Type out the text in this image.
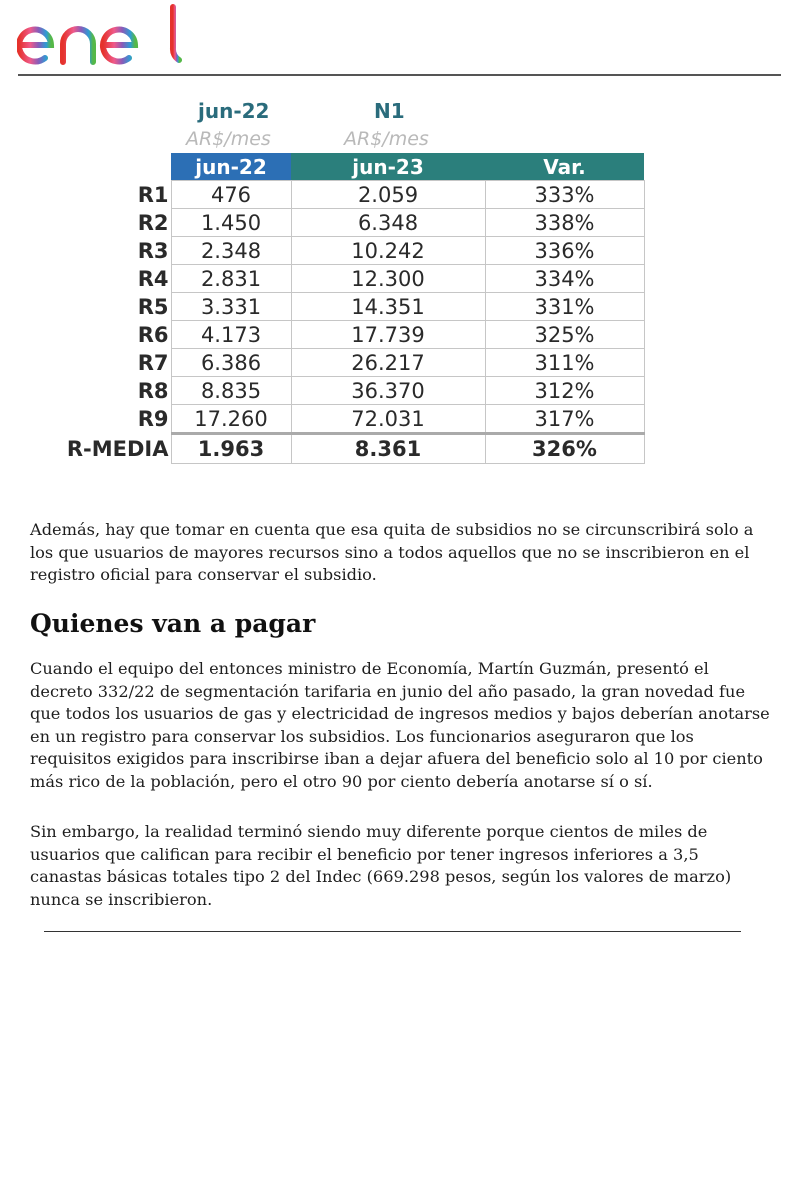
jun-22
AR$/mes
N1
AR$/mes
	jun-22	jun-23	Var.
R1	476	2.059	333%
R2	1.450	6.348	338%
R3	2.348	10.242	336%
R4	2.831	12.300	334%
R5	3.331	14.351	331%
R6	4.173	17.739	325%
R7	6.386	26.217	311%
R8	8.835	36.370	312%
R9	17.260	72.031	317%
R-MEDIA	1.963	8.361	326%

Además, hay que tomar en cuenta que esa quita de subsidios no se circunscribirá solo a los que usuarios de mayores recursos sino a todos aquellos que no se inscribieron en el registro oficial para conservar el subsidio.

Quienes van a pagar

Cuando el equipo del entonces ministro de Economía, Martín Guzmán, presentó el decreto 332/22 de segmentación tarifaria en junio del año pasado, la gran novedad fue que todos los usuarios de gas y electricidad de ingresos medios y bajos deberían anotarse en un registro para conservar los subsidios. Los funcionarios aseguraron que los requisitos exigidos para inscribirse iban a dejar afuera del beneficio solo al 10 por ciento más rico de la población, pero el otro 90 por ciento debería anotarse sí o sí.

Sin embargo, la realidad terminó siendo muy diferente porque cientos de miles de usuarios que califican para recibir el beneficio por tener ingresos inferiores a 3,5 canastas básicas totales tipo 2 del Indec (669.298 pesos, según los valores de marzo) nunca se inscribieron.
